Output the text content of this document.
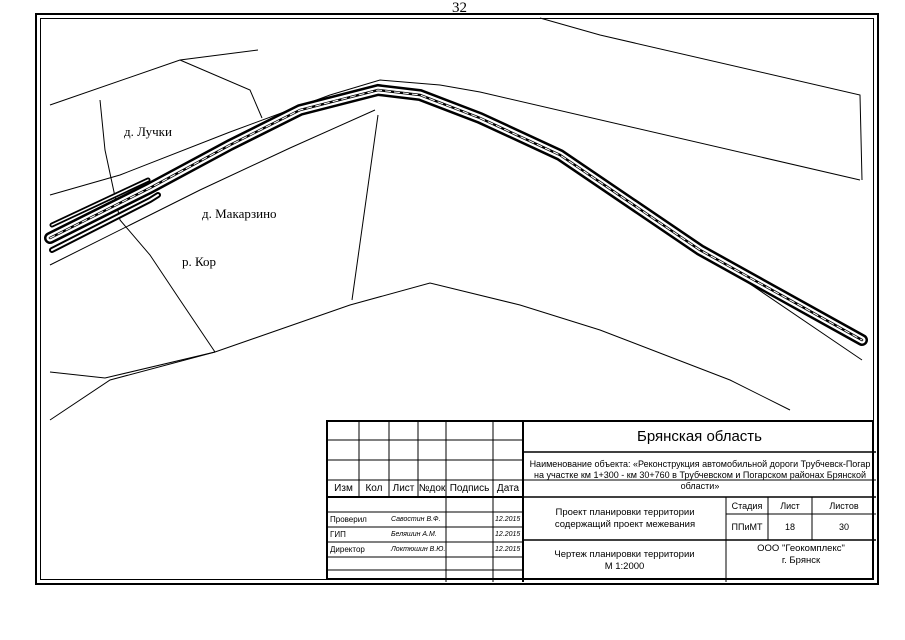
32
д. Лучки
д. Макарзино
р. Кор
Брянская область
Наименование объекта: «Реконструкция автомобильной дороги Трубчевск-Погар на участке км 1+300 - км 30+760 в Трубчевском и Погарском районах Брянской области»
Изм	Кол	Лист №док Подпись Дата
Проверил	Савостин В.Ф.	12.2015
ГИП	Беляшин А.М.	12.2015
Директор	Локтюшин В.Ю.	12.2015
Проект планировки территории содержащий проект межевания
Стадия	Лист	Листов
ППиМТ	18	30
Чертеж планировки территории
М 1:2000
ООО "Геокомплекс"
г. Брянск
